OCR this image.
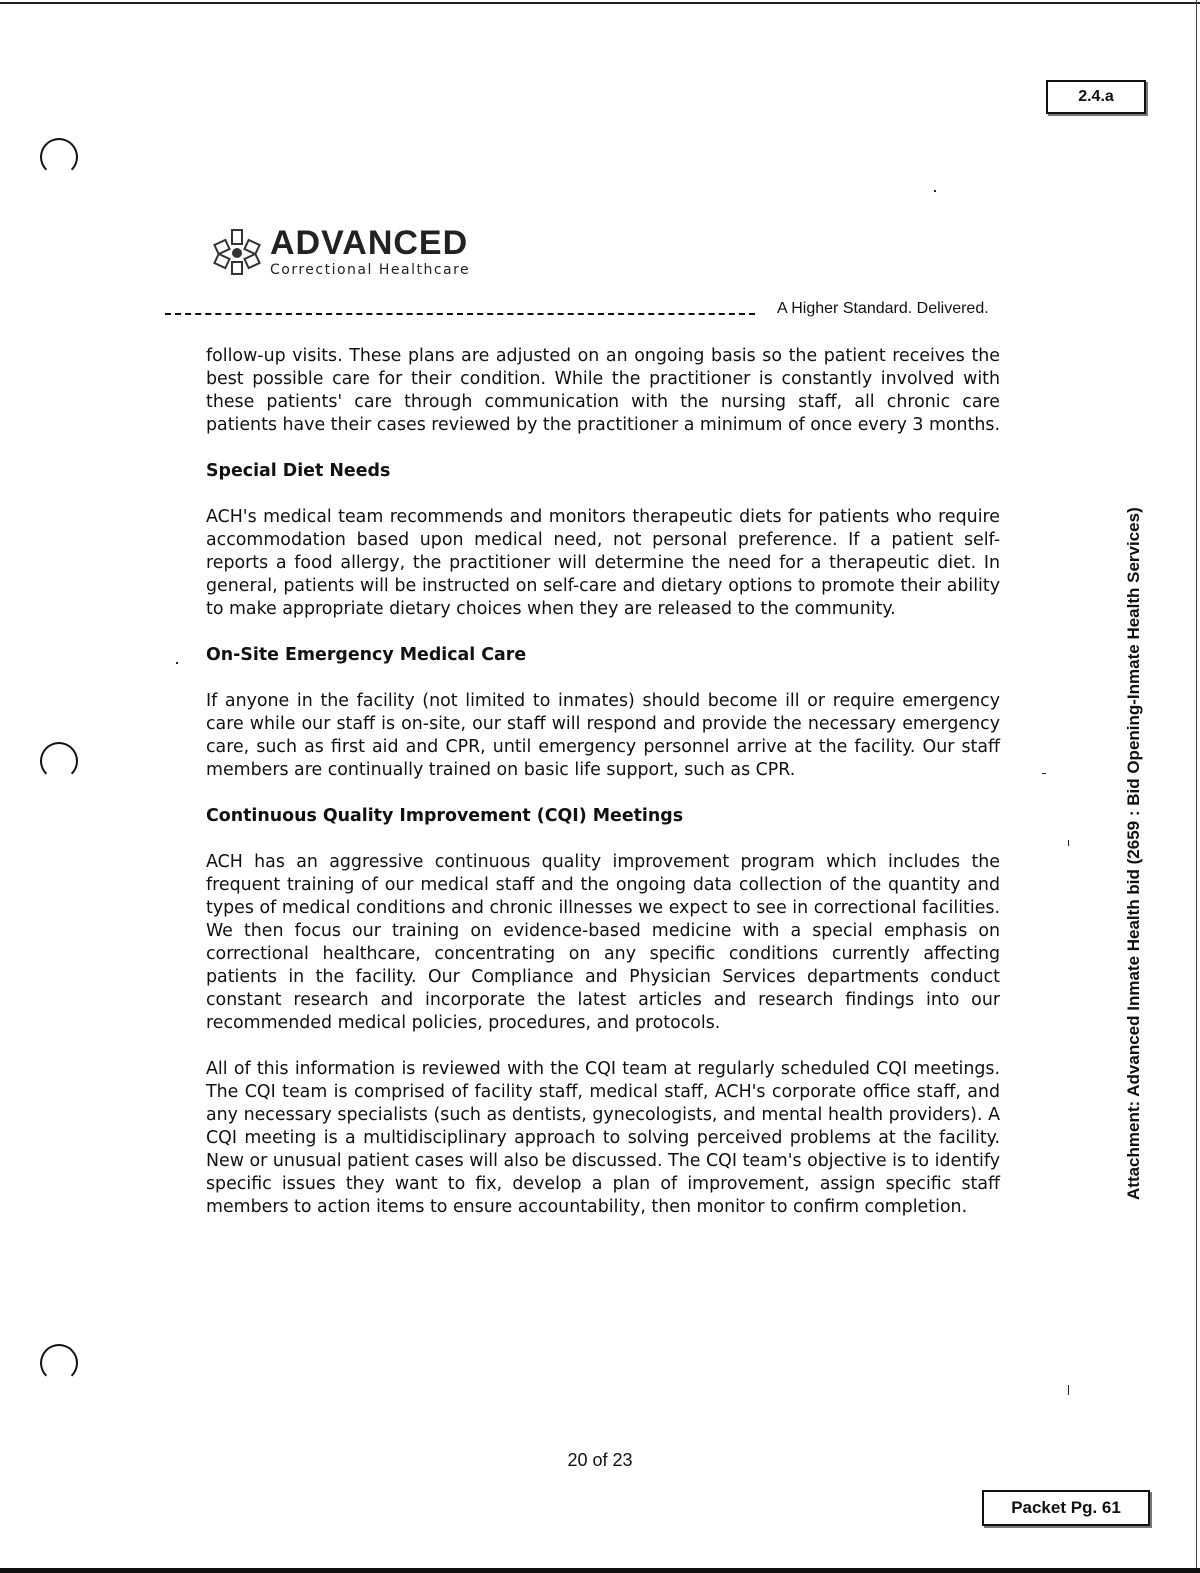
2.4.a
ADVANCED
Correctional Healthcare
A Higher Standard. Delivered.

follow-up visits. These plans are adjusted on an ongoing basis so the patient receives the best possible care for their condition. While the practitioner is constantly involved with these patients' care through communication with the nursing staff, all chronic care patients have their cases reviewed by the practitioner a minimum of once every 3 months.

Special Diet Needs

ACH's medical team recommends and monitors therapeutic diets for patients who require accommodation based upon medical need, not personal preference. If a patient self-reports a food allergy, the practitioner will determine the need for a therapeutic diet. In general, patients will be instructed on self-care and dietary options to promote their ability to make appropriate dietary choices when they are released to the community.

On-Site Emergency Medical Care

If anyone in the facility (not limited to inmates) should become ill or require emergency care while our staff is on-site, our staff will respond and provide the necessary emergency care, such as first aid and CPR, until emergency personnel arrive at the facility. Our staff members are continually trained on basic life support, such as CPR.

Continuous Quality Improvement (CQI) Meetings

ACH has an aggressive continuous quality improvement program which includes the frequent training of our medical staff and the ongoing data collection of the quantity and types of medical conditions and chronic illnesses we expect to see in correctional facilities. We then focus our training on evidence-based medicine with a special emphasis on correctional healthcare, concentrating on any specific conditions currently affecting patients in the facility. Our Compliance and Physician Services departments conduct constant research and incorporate the latest articles and research findings into our recommended medical policies, procedures, and protocols.

All of this information is reviewed with the CQI team at regularly scheduled CQI meetings. The CQI team is comprised of facility staff, medical staff, ACH's corporate office staff, and any necessary specialists (such as dentists, gynecologists, and mental health providers). A CQI meeting is a multidisciplinary approach to solving perceived problems at the facility. New or unusual patient cases will also be discussed. The CQI team's objective is to identify specific issues they want to fix, develop a plan of improvement, assign specific staff members to action items to ensure accountability, then monitor to confirm completion.

Attachment: Advanced Inmate Health bid (2659 : Bid Opening-Inmate Health Services)
20 of 23
Packet Pg. 61
